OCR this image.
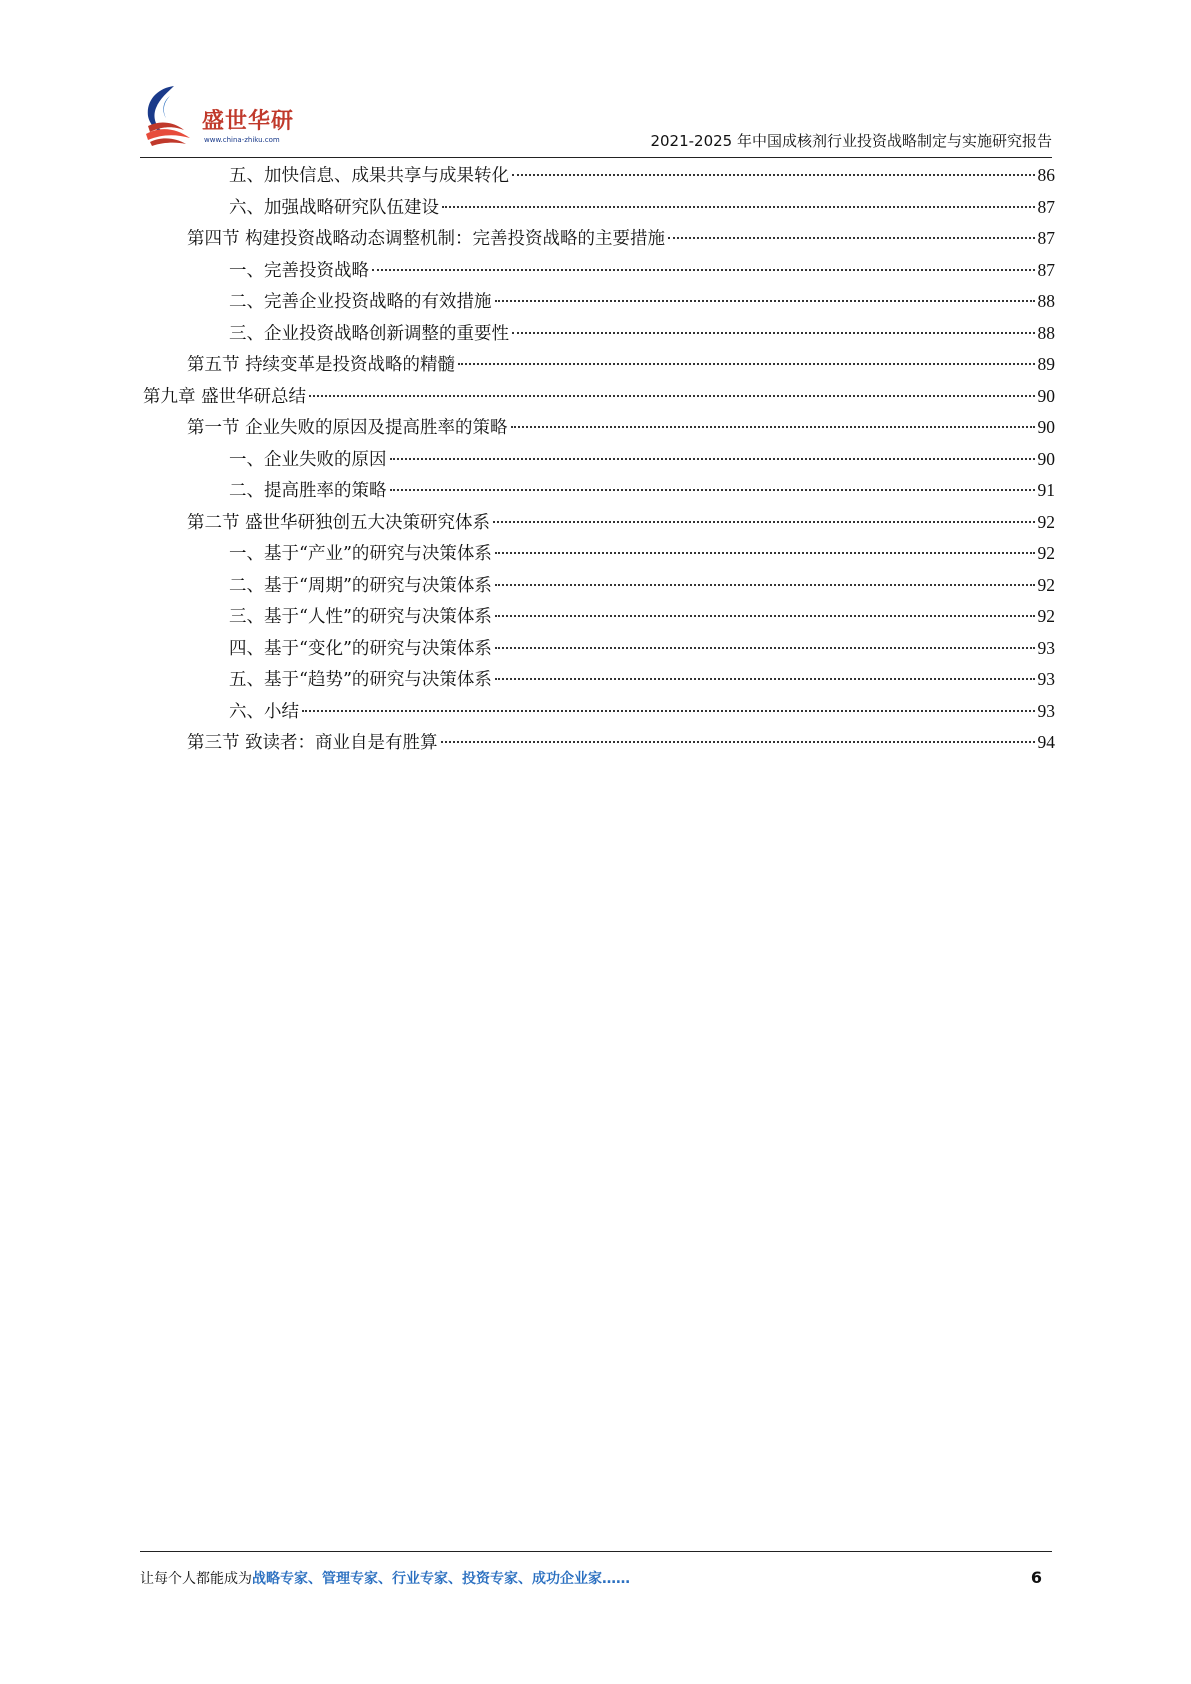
盛世华研
www.china-zhiku.com	2021-2025 年中国成核剂行业投资战略制定与实施研究报告
五、加快信息、成果共享与成果转化	86
六、加强战略研究队伍建设	87
第四节 构建投资战略动态调整机制：完善投资战略的主要措施	87
一、完善投资战略	87
二、完善企业投资战略的有效措施	88
三、企业投资战略创新调整的重要性	88
第五节 持续变革是投资战略的精髓	89
第九章 盛世华研总结	90
第一节 企业失败的原因及提高胜率的策略	90
一、企业失败的原因	90
二、提高胜率的策略	91
第二节 盛世华研独创五大决策研究体系	92
一、基于“产业”的研究与决策体系	92
二、基于“周期”的研究与决策体系	92
三、基于“人性”的研究与决策体系	92
四、基于“变化”的研究与决策体系	93
五、基于“趋势”的研究与决策体系	93
六、小结	93
第三节 致读者：商业自是有胜算	94
让每个人都能成为战略专家、管理专家、行业专家、投资专家、成功企业家……	6
